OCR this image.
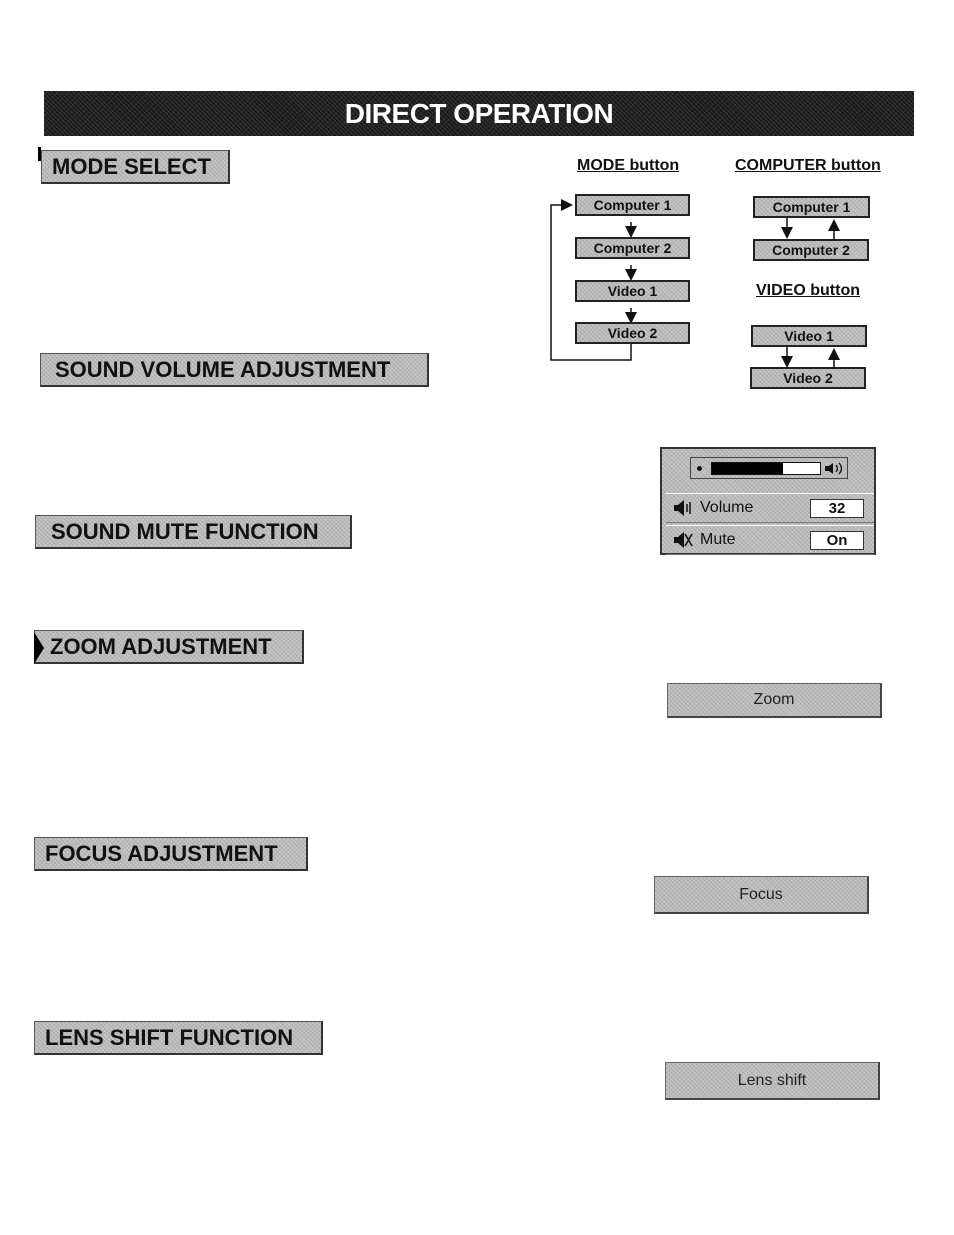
DIRECT OPERATION
MODE SELECT
SOUND VOLUME ADJUSTMENT
SOUND MUTE FUNCTION
ZOOM ADJUSTMENT
FOCUS ADJUSTMENT
LENS SHIFT FUNCTION
MODE button
Computer 1
Computer 2
Video 1
Video 2
COMPUTER button
Computer 1
Computer 2
VIDEO button
Video 1
Video 2
Volume	32
Mute	On
Zoom
Focus
Lens shift
